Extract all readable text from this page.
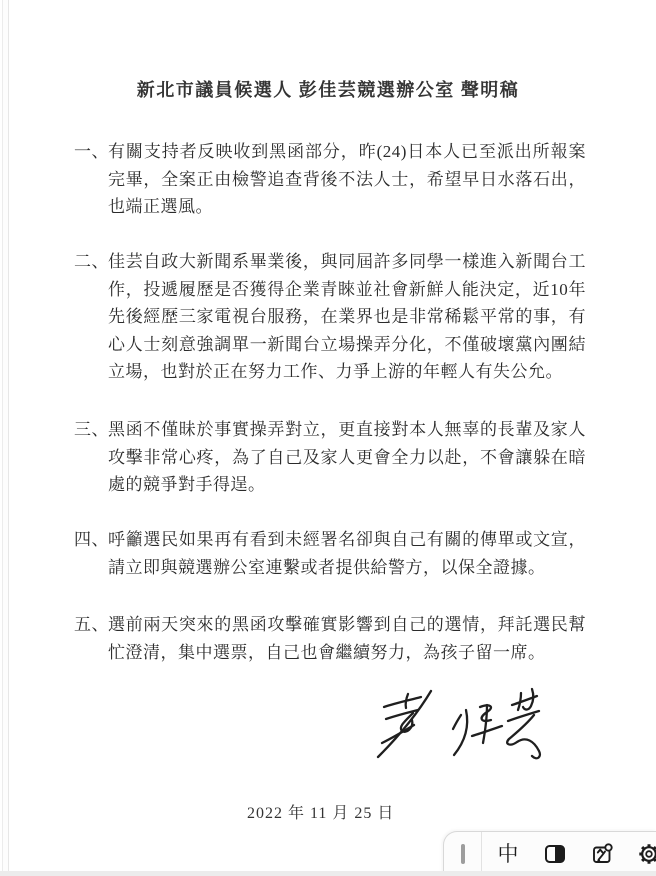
新北市議員候選人 彭佳芸競選辦公室 聲明稿
一、 有關支持者反映收到黑函部分，昨(24)日本人已至派出所報案完畢，全案正由檢警追查背後不法人士，希望早日水落石出，也端正選風。
二、 佳芸自政大新聞系畢業後，與同屆許多同學一樣進入新聞台工作，投遞履歷是否獲得企業青睞並社會新鮮人能決定，近10年先後經歷三家電視台服務，在業界也是非常稀鬆平常的事，有心人士刻意強調單一新聞台立場操弄分化，不僅破壞黨內團結立場，也對於正在努力工作、力爭上游的年輕人有失公允。
三、 黑函不僅昧於事實操弄對立，更直接對本人無辜的長輩及家人攻擊非常心疼，為了自己及家人更會全力以赴，不會讓躲在暗處的競爭對手得逞。
四、 呼籲選民如果再有看到未經署名卻與自己有關的傳單或文宣，請立即與競選辦公室連繫或者提供給警方，以保全證據。
五、 選前兩天突來的黑函攻擊確實影響到自己的選情，拜託選民幫忙澄清，集中選票，自己也會繼續努力，為孩子留一席。
2022 年 11 月 25 日
中
